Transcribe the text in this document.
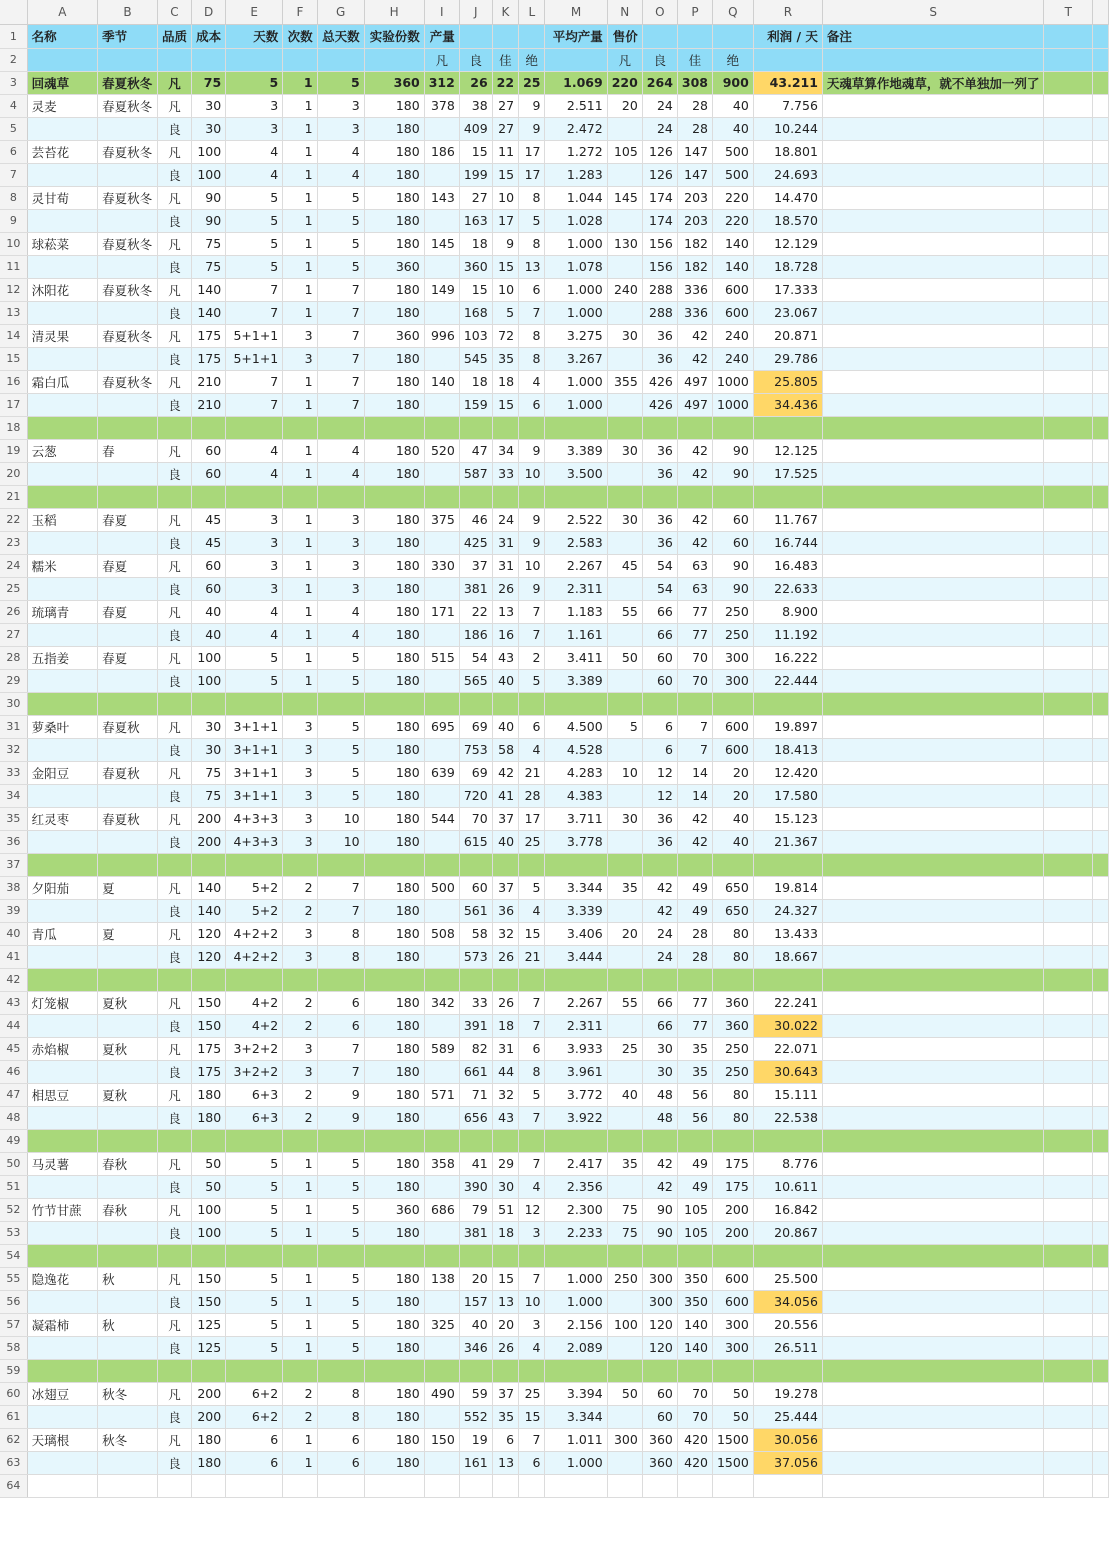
	A	B	C	D	E	F	G	H	I	J	K	L	M	N	O	P	Q	R	S	T	
1	名称	季节	品质	成本	天数	次数	总天数	实验份数	产量				平均产量	售价				利润 / 天	备注		
2									凡	良	佳	绝		凡	良	佳	绝				
3	回魂草	春夏秋冬	凡	75	5	1	5	360	312	26	22	25	1.069	220	264	308	900	43.211	天魂草算作地魂草，就不单独加一列了		
4	灵麦	春夏秋冬	凡	30	3	1	3	180	378	38	27	9	2.511	20	24	28	40	7.756			
5			良	30	3	1	3	180		409	27	9	2.472		24	28	40	10.244			
6	芸苔花	春夏秋冬	凡	100	4	1	4	180	186	15	11	17	1.272	105	126	147	500	18.801			
7			良	100	4	1	4	180		199	15	17	1.283		126	147	500	24.693			
8	灵甘荀	春夏秋冬	凡	90	5	1	5	180	143	27	10	8	1.044	145	174	203	220	14.470			
9			良	90	5	1	5	180		163	17	5	1.028		174	203	220	18.570			
10	球菘菜	春夏秋冬	凡	75	5	1	5	180	145	18	9	8	1.000	130	156	182	140	12.129			
11			良	75	5	1	5	360		360	15	13	1.078		156	182	140	18.728			
12	沐阳花	春夏秋冬	凡	140	7	1	7	180	149	15	10	6	1.000	240	288	336	600	17.333			
13			良	140	7	1	7	180		168	5	7	1.000		288	336	600	23.067			
14	清灵果	春夏秋冬	凡	175	5+1+1	3	7	360	996	103	72	8	3.275	30	36	42	240	20.871			
15			良	175	5+1+1	3	7	180		545	35	8	3.267		36	42	240	29.786			
16	霜白瓜	春夏秋冬	凡	210	7	1	7	180	140	18	18	4	1.000	355	426	497	1000	25.805			
17			良	210	7	1	7	180		159	15	6	1.000		426	497	1000	34.436			
18																					
19	云葱	春	凡	60	4	1	4	180	520	47	34	9	3.389	30	36	42	90	12.125			
20			良	60	4	1	4	180		587	33	10	3.500		36	42	90	17.525			
21																					
22	玉稻	春夏	凡	45	3	1	3	180	375	46	24	9	2.522	30	36	42	60	11.767			
23			良	45	3	1	3	180		425	31	9	2.583		36	42	60	16.744			
24	糯米	春夏	凡	60	3	1	3	180	330	37	31	10	2.267	45	54	63	90	16.483			
25			良	60	3	1	3	180		381	26	9	2.311		54	63	90	22.633			
26	琉璃青	春夏	凡	40	4	1	4	180	171	22	13	7	1.183	55	66	77	250	8.900			
27			良	40	4	1	4	180		186	16	7	1.161		66	77	250	11.192			
28	五指姜	春夏	凡	100	5	1	5	180	515	54	43	2	3.411	50	60	70	300	16.222			
29			良	100	5	1	5	180		565	40	5	3.389		60	70	300	22.444			
30																					
31	萝桑叶	春夏秋	凡	30	3+1+1	3	5	180	695	69	40	6	4.500	5	6	7	600	19.897			
32			良	30	3+1+1	3	5	180		753	58	4	4.528		6	7	600	18.413			
33	金阳豆	春夏秋	凡	75	3+1+1	3	5	180	639	69	42	21	4.283	10	12	14	20	12.420			
34			良	75	3+1+1	3	5	180		720	41	28	4.383		12	14	20	17.580			
35	红灵枣	春夏秋	凡	200	4+3+3	3	10	180	544	70	37	17	3.711	30	36	42	40	15.123			
36			良	200	4+3+3	3	10	180		615	40	25	3.778		36	42	40	21.367			
37																					
38	夕阳茄	夏	凡	140	5+2	2	7	180	500	60	37	5	3.344	35	42	49	650	19.814			
39			良	140	5+2	2	7	180		561	36	4	3.339		42	49	650	24.327			
40	青瓜	夏	凡	120	4+2+2	3	8	180	508	58	32	15	3.406	20	24	28	80	13.433			
41			良	120	4+2+2	3	8	180		573	26	21	3.444		24	28	80	18.667			
42																					
43	灯笼椒	夏秋	凡	150	4+2	2	6	180	342	33	26	7	2.267	55	66	77	360	22.241			
44			良	150	4+2	2	6	180		391	18	7	2.311		66	77	360	30.022			
45	赤焰椒	夏秋	凡	175	3+2+2	3	7	180	589	82	31	6	3.933	25	30	35	250	22.071			
46			良	175	3+2+2	3	7	180		661	44	8	3.961		30	35	250	30.643			
47	相思豆	夏秋	凡	180	6+3	2	9	180	571	71	32	5	3.772	40	48	56	80	15.111			
48			良	180	6+3	2	9	180		656	43	7	3.922		48	56	80	22.538			
49																					
50	马灵薯	春秋	凡	50	5	1	5	180	358	41	29	7	2.417	35	42	49	175	8.776			
51			良	50	5	1	5	180		390	30	4	2.356		42	49	175	10.611			
52	竹节甘蔗	春秋	凡	100	5	1	5	360	686	79	51	12	2.300	75	90	105	200	16.842			
53			良	100	5	1	5	180		381	18	3	2.233	75	90	105	200	20.867			
54																					
55	隐逸花	秋	凡	150	5	1	5	180	138	20	15	7	1.000	250	300	350	600	25.500			
56			良	150	5	1	5	180		157	13	10	1.000		300	350	600	34.056			
57	凝霜柿	秋	凡	125	5	1	5	180	325	40	20	3	2.156	100	120	140	300	20.556			
58			良	125	5	1	5	180		346	26	4	2.089		120	140	300	26.511			
59																					
60	冰翅豆	秋冬	凡	200	6+2	2	8	180	490	59	37	25	3.394	50	60	70	50	19.278			
61			良	200	6+2	2	8	180		552	35	15	3.344		60	70	50	25.444			
62	天璃根	秋冬	凡	180	6	1	6	180	150	19	6	7	1.011	300	360	420	1500	30.056			
63			良	180	6	1	6	180		161	13	6	1.000		360	420	1500	37.056			
64																					
